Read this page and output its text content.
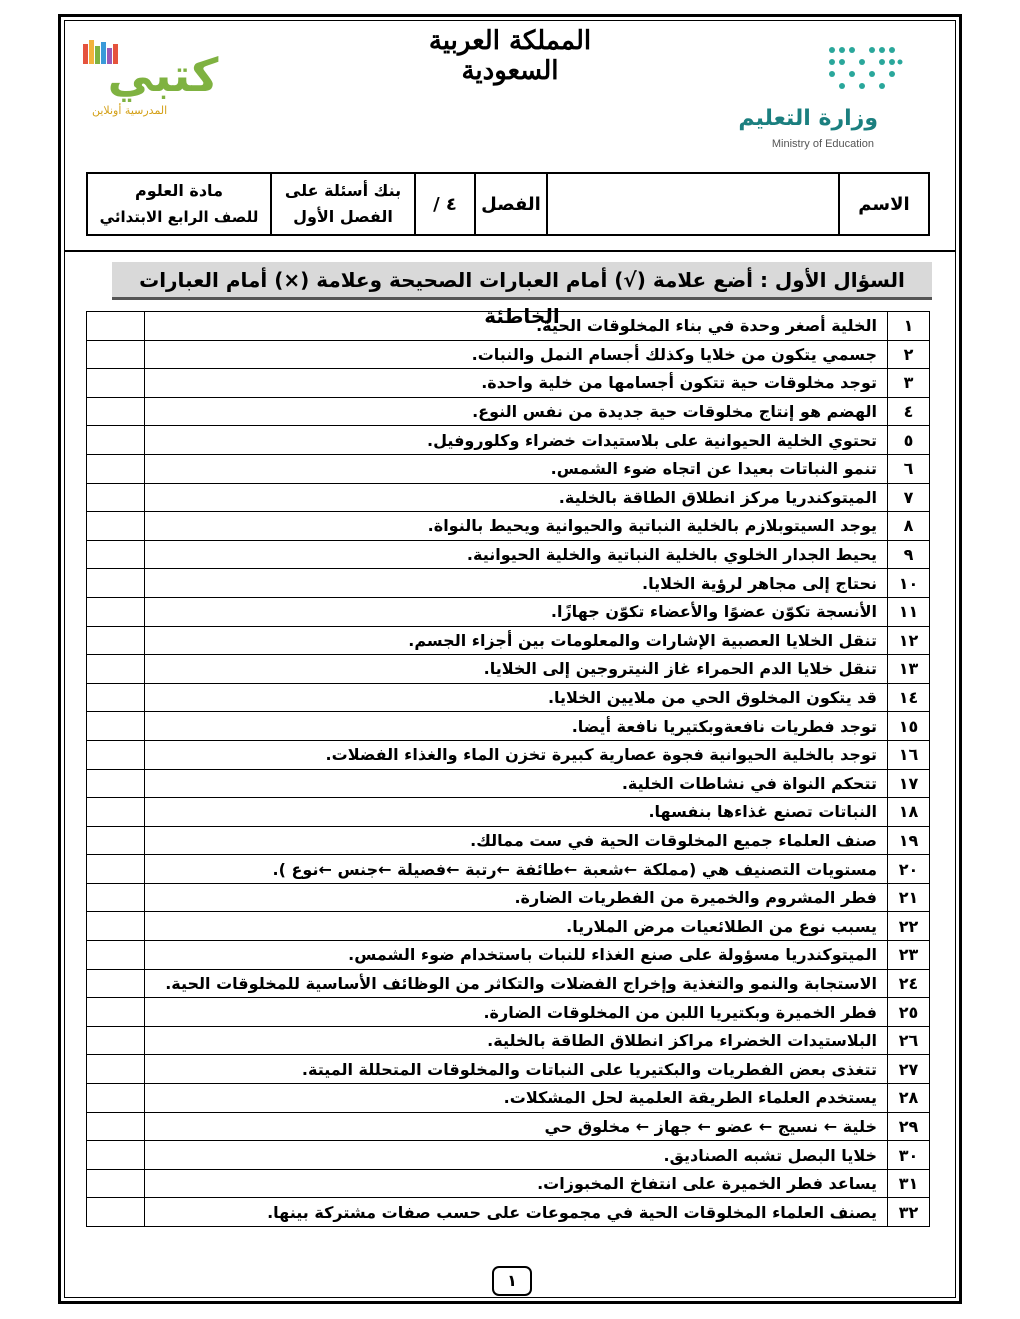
المملكة العربية السعودية
وزارة التعليم
Ministry of Education
كتبي
المدرسية أونلاين
الاسم		الفصل	٤ /	
بنك أسئلة على
الفصل الأول

مادة العلوم
للصف الرابع الابتدائي
السؤال الأول : أضع علامة (√) أمام العبارات الصحيحة وعلامة (×) أمام العبارات الخاطئة	١	الخلية أصغر وحدة في بناء المخلوقات الحية.	
٢	جسمي يتكون من خلايا وكذلك أجسام النمل والنبات.	
٣	توجد مخلوقات حية تتكون أجسامها من خلية واحدة.	
٤	الهضم هو إنتاج مخلوقات حية جديدة من نفس النوع.	
٥	تحتوي الخلية الحيوانية على بلاستيدات خضراء وكلوروفيل.	
٦	تنمو النباتات بعيدا عن اتجاه ضوء الشمس.	
٧	الميتوكندريا مركز انطلاق الطاقة بالخلية.	
٨	يوجد السيتوبلازم بالخلية النباتية والحيوانية ويحيط بالنواة.	
٩	يحيط الجدار الخلوي بالخلية النباتية والخلية الحيوانية.	
١٠	نحتاج إلى مجاهر لرؤية الخلايا.	
١١	الأنسجة تكوّن عضوًا والأعضاء تكوّن جهازًا.	
١٢	تنقل الخلايا العصبية الإشارات والمعلومات بين أجزاء الجسم.	
١٣	تنقل خلايا الدم الحمراء غاز النيتروجين إلى الخلايا.	
١٤	قد يتكون المخلوق الحي من ملايين الخلايا.	
١٥	توجد فطريات نافعةوبكتيريا نافعة أيضا.	
١٦	توجد بالخلية الحيوانية فجوة عصارية كبيرة تخزن الماء والغذاء الفضلات.	
١٧	تتحكم النواة في نشاطات الخلية.	
١٨	النباتات تصنع غذاءها بنفسها.	
١٩	صنف العلماء جميع المخلوقات الحية في ست ممالك.	
٢٠	مستويات التصنيف هي (مملكة ←شعبة ←طائفة ←رتبة ←فصيلة ←جنس ←نوع ).	
٢١	فطر المشروم والخميرة من الفطريات الضارة.	
٢٢	يسبب نوع من الطلائعيات مرض الملاريا.	
٢٣	الميتوكندريا مسؤولة على صنع الغذاء للنبات باستخدام ضوء الشمس.	
٢٤	الاستجابة والنمو والتغذية وإخراج الفضلات والتكاثر من الوظائف الأساسية للمخلوقات الحية.	
٢٥	فطر الخميرة وبكتيريا اللبن من المخلوقات الضارة.	
٢٦	البلاستيدات الخضراء مراكز انطلاق الطاقة بالخلية.	
٢٧	تتغذى بعض الفطريات والبكتيريا على النباتات والمخلوقات المتحللة الميتة.	
٢٨	يستخدم العلماء الطريقة العلمية لحل المشكلات.	
٢٩	خلية ← نسيج ← عضو ← جهاز ← مخلوق حي	
٣٠	خلايا البصل تشبه الصناديق.	
٣١	يساعد فطر الخميرة على انتفاخ المخبوزات.	
٣٢	يصنف العلماء المخلوقات الحية في مجموعات على حسب صفات مشتركة بينها.	
١
